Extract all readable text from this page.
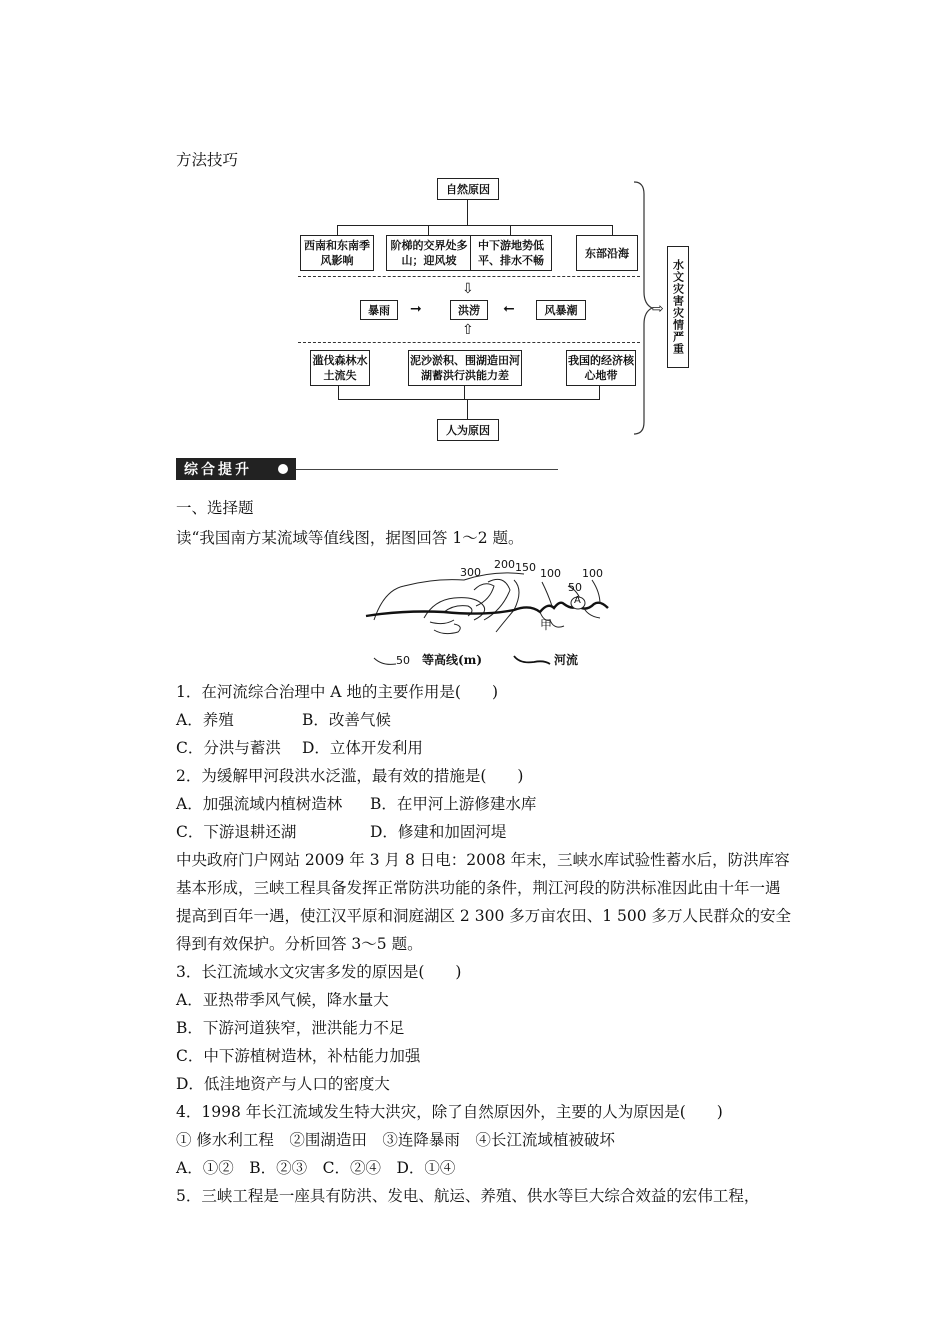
方法技巧
自然原因
西南和东南季风影响
阶梯的交界处多山；迎风坡
中下游地势低平、排水不畅
东部沿海
⇩
暴雨	➞	洪涝	➞	风暴潮
⇧
滥伐森林水土流失
泥沙淤积、围湖造田河湖蓄洪行洪能力差
我国的经济核心地带
人为原因
⇨ 水文灾害灾情严重
综合提升
一、选择题
读“我国南方某流域等值线图，据图回答 1～2 题。
300
200 150 100
50
100
A
甲
50 等高线(m)	河流
1．在河流综合治理中 A 地的主要作用是(　　)
A．养殖	B．改善气候
C．分洪与蓄洪 D．立体开发利用
2．为缓解甲河段洪水泛滥，最有效的措施是(　　)
A．加强流域内植树造林 B．在甲河上游修建水库
C．下游退耕还湖	D．修建和加固河堤
中央政府门户网站 2009 年 3 月 8 日电：2008 年末，三峡水库试验性蓄水后，防洪库容
基本形成，三峡工程具备发挥正常防洪功能的条件，荆江河段的防洪标准因此由十年一遇
提高到百年一遇，使江汉平原和洞庭湖区 2 300 多万亩农田、1 500 多万人民群众的安全
得到有效保护。分析回答 3～5 题。
3．长江流域水文灾害多发的原因是(　　)
A．亚热带季风气候，降水量大
B．下游河道狭窄，泄洪能力不足
C．中下游植树造林，补枯能力加强
D．低洼地资产与人口的密度大
4．1998 年长江流域发生特大洪灾，除了自然原因外，主要的人为原因是(　　)
① 修水利工程　②围湖造田　③连降暴雨　④长江流域植被破坏
A．①②　B．②③　C．②④　D．①④
5．三峡工程是一座具有防洪、发电、航运、养殖、供水等巨大综合效益的宏伟工程，
